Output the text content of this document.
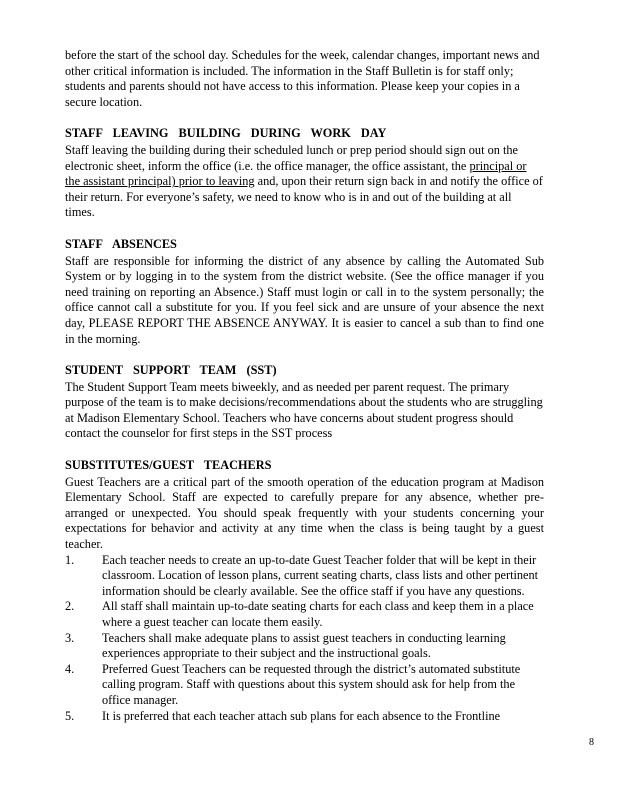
before the start of the school day. Schedules for the week, calendar changes, important news and other critical information is included. The information in the Staff Bulletin is for staff only; students and parents should not have access to this information. Please keep your copies in a secure location.

STAFF LEAVING BUILDING DURING WORK DAY

Staff leaving the building during their scheduled lunch or prep period should sign out on the electronic sheet, inform the office (i.e. the office manager, the office assistant, the principal or the assistant principal) prior to leaving and, upon their return sign back in and notify the office of their return. For everyone’s safety, we need to know who is in and out of the building at all times.

STAFF ABSENCES

Staff are responsible for informing the district of any absence by calling the Automated Sub System or by logging in to the system from the district website. (See the office manager if you need training on reporting an Absence.) Staff must login or call in to the system personally; the office cannot call a substitute for you. If you feel sick and are unsure of your absence the next day, PLEASE REPORT THE ABSENCE ANYWAY. It is easier to cancel a sub than to find one in the morning.

STUDENT SUPPORT TEAM (SST)

The Student Support Team meets biweekly, and as needed per parent request. The primary purpose of the team is to make decisions/recommendations about the students who are struggling at Madison Elementary School. Teachers who have concerns about student progress should contact the counselor for first steps in the SST process

SUBSTITUTES/GUEST TEACHERS

Guest Teachers are a critical part of the smooth operation of the education program at Madison Elementary School. Staff are expected to carefully prepare for any absence, whether pre-arranged or unexpected. You should speak frequently with your students concerning your expectations for behavior and activity at any time when the class is being taught by a guest teacher.

1. Each teacher needs to create an up-to-date Guest Teacher folder that will be kept in their classroom. Location of lesson plans, current seating charts, class lists and other pertinent information should be clearly available. See the office staff if you have any questions.
2. All staff shall maintain up-to-date seating charts for each class and keep them in a place where a guest teacher can locate them easily.
3. Teachers shall make adequate plans to assist guest teachers in conducting learning experiences appropriate to their subject and the instructional goals.
4. Preferred Guest Teachers can be requested through the district’s automated substitute calling program. Staff with questions about this system should ask for help from the office manager.
5. It is preferred that each teacher attach sub plans for each absence to the Frontline
8
